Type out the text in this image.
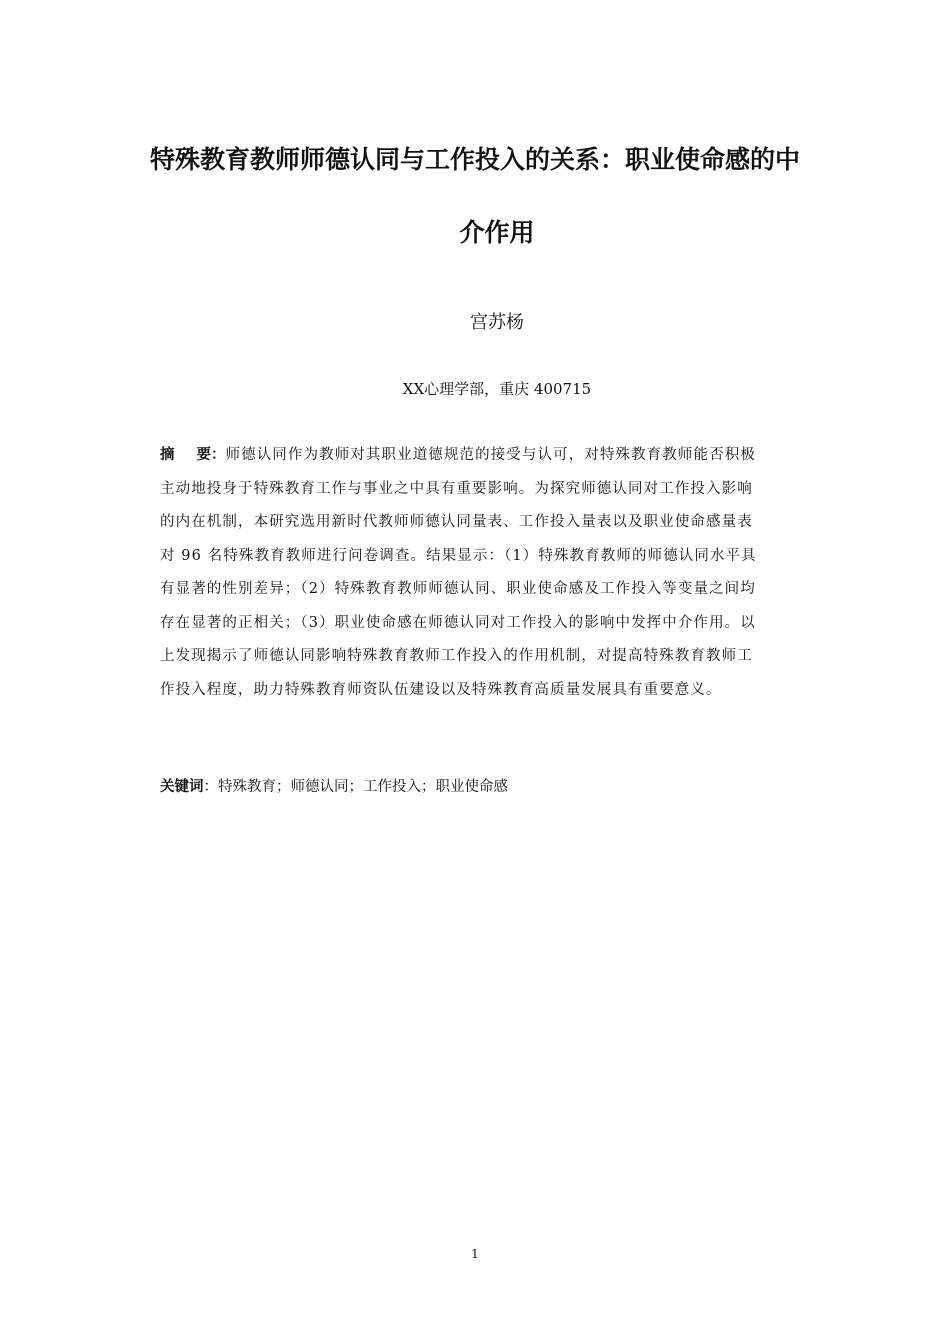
特殊教育教师师德认同与工作投入的关系：职业使命感的中
介作用
宫苏杨
XX心理学部，重庆 400715
摘 要：师德认同作为教师对其职业道德规范的接受与认可，对特殊教育教师能否积极
主动地投身于特殊教育工作与事业之中具有重要影响。为探究师德认同对工作投入影响
的内在机制，本研究选用新时代教师师德认同量表、工作投入量表以及职业使命感量表
对 96 名特殊教育教师进行问卷调查。结果显示：（1）特殊教育教师的师德认同水平具
有显著的性别差异；（2）特殊教育教师师德认同、职业使命感及工作投入等变量之间均
存在显著的正相关；（3）职业使命感在师德认同对工作投入的影响中发挥中介作用。以
上发现揭示了师德认同影响特殊教育教师工作投入的作用机制，对提高特殊教育教师工
作投入程度，助力特殊教育师资队伍建设以及特殊教育高质量发展具有重要意义。
关键词：特殊教育；师德认同；工作投入；职业使命感
1
